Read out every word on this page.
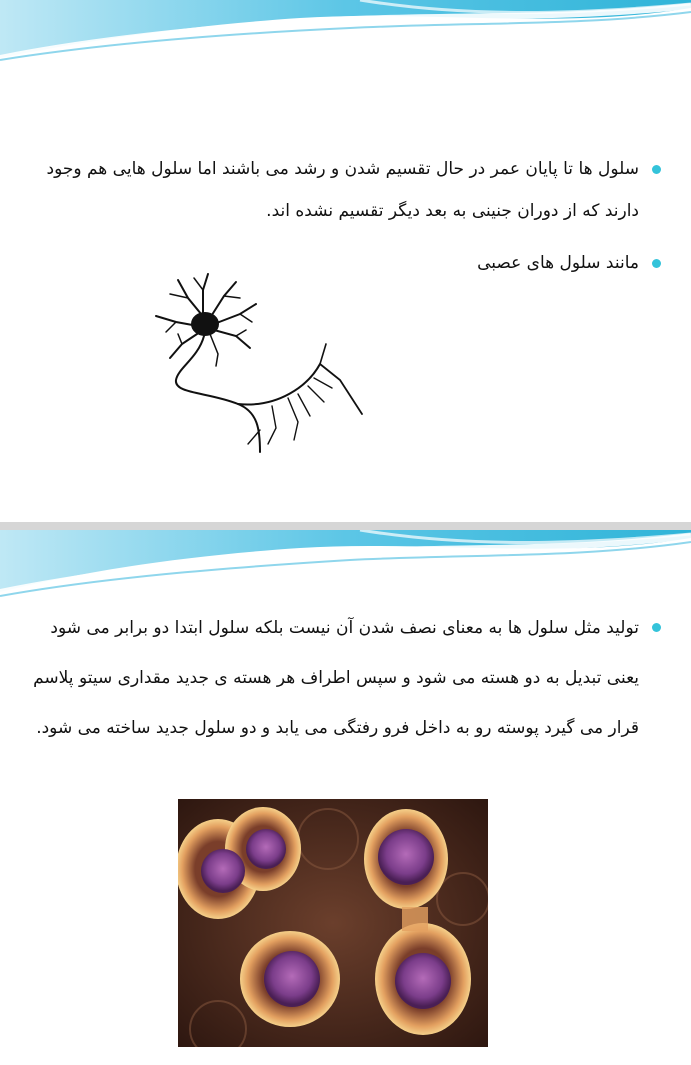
سلول ها تا پایان عمر در حال تقسیم شدن و رشد می باشند اما سلول هایی هم وجود دارند که از دوران جنینی به بعد دیگر تقسیم نشده اند.
مانند سلول های عصبی
تولید مثل سلول ها به معنای نصف شدن آن نیست بلکه سلول ابتدا دو برابر می شود یعنی تبدیل به دو هسته می شود و سپس اطراف هر هسته ی جدید مقداری سیتو پلاسم قرار می گیرد پوسته رو به داخل فرو رفتگی می یابد و دو سلول جدید ساخته می شود.
